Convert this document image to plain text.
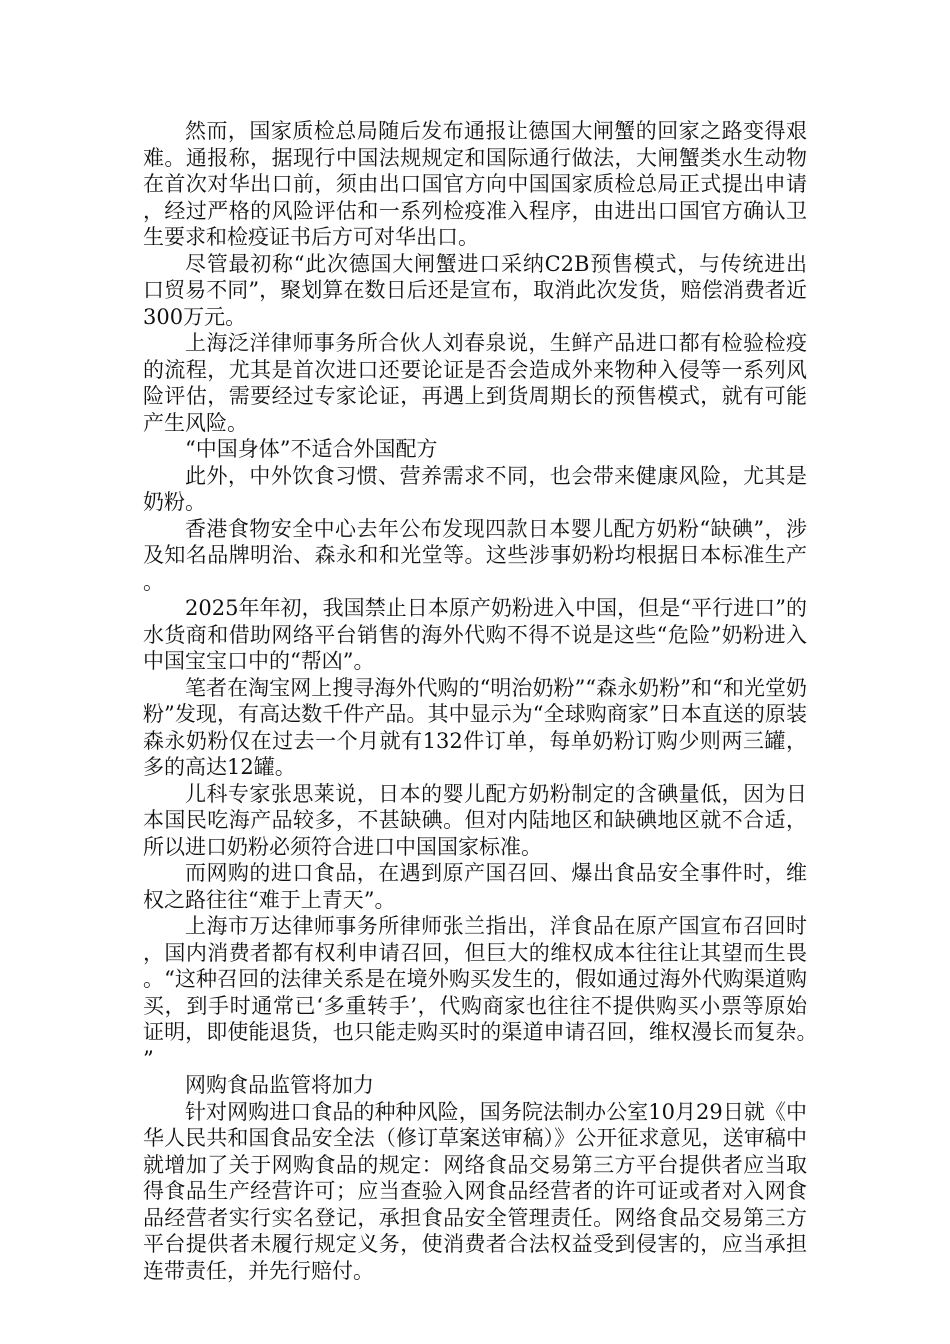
然而，国家质检总局随后发布通报让德国大闸蟹的回家之路变得艰难。通报称，据现行中国法规规定和国际通行做法，大闸蟹类水生动物在首次对华出口前，须由出口国官方向中国国家质检总局正式提出申请，经过严格的风险评估和一系列检疫准入程序，由进出口国官方确认卫生要求和检疫证书后方可对华出口。

尽管最初称“此次德国大闸蟹进口采纳C2B预售模式，与传统进出口贸易不同”，聚划算在数日后还是宣布，取消此次发货，赔偿消费者近300万元。

上海泛洋律师事务所合伙人刘春泉说，生鲜产品进口都有检验检疫的流程，尤其是首次进口还要论证是否会造成外来物种入侵等一系列风险评估，需要经过专家论证，再遇上到货周期长的预售模式，就有可能产生风险。

“中国身体”不适合外国配方

此外，中外饮食习惯、营养需求不同，也会带来健康风险，尤其是奶粉。

香港食物安全中心去年公布发现四款日本婴儿配方奶粉“缺碘”，涉及知名品牌明治、森永和和光堂等。这些涉事奶粉均根据日本标准生产。

2025年年初，我国禁止日本原产奶粉进入中国，但是“平行进口”的水货商和借助网络平台销售的海外代购不得不说是这些“危险”奶粉进入中国宝宝口中的“帮凶”。

笔者在淘宝网上搜寻海外代购的“明治奶粉”“森永奶粉”和“和光堂奶粉”发现，有高达数千件产品。其中显示为“全球购商家”日本直送的原装森永奶粉仅在过去一个月就有132件订单，每单奶粉订购少则两三罐，多的高达12罐。

儿科专家张思莱说，日本的婴儿配方奶粉制定的含碘量低，因为日本国民吃海产品较多，不甚缺碘。但对内陆地区和缺碘地区就不合适，所以进口奶粉必须符合进口中国国家标准。

而网购的进口食品，在遇到原产国召回、爆出食品安全事件时，维权之路往往“难于上青天”。

上海市万达律师事务所律师张兰指出，洋食品在原产国宣布召回时，国内消费者都有权利申请召回，但巨大的维权成本往往让其望而生畏。“这种召回的法律关系是在境外购买发生的，假如通过海外代购渠道购买，到手时通常已‘多重转手’，代购商家也往往不提供购买小票等原始证明，即使能退货，也只能走购买时的渠道申请召回，维权漫长而复杂。”

网购食品监管将加力

针对网购进口食品的种种风险，国务院法制办公室10月29日就《中华人民共和国食品安全法（修订草案送审稿）》公开征求意见，送审稿中就增加了关于网购食品的规定：网络食品交易第三方平台提供者应当取得食品生产经营许可；应当查验入网食品经营者的许可证或者对入网食品经营者实行实名登记，承担食品安全管理责任。网络食品交易第三方平台提供者未履行规定义务，使消费者合法权益受到侵害的，应当承担连带责任，并先行赔付。
